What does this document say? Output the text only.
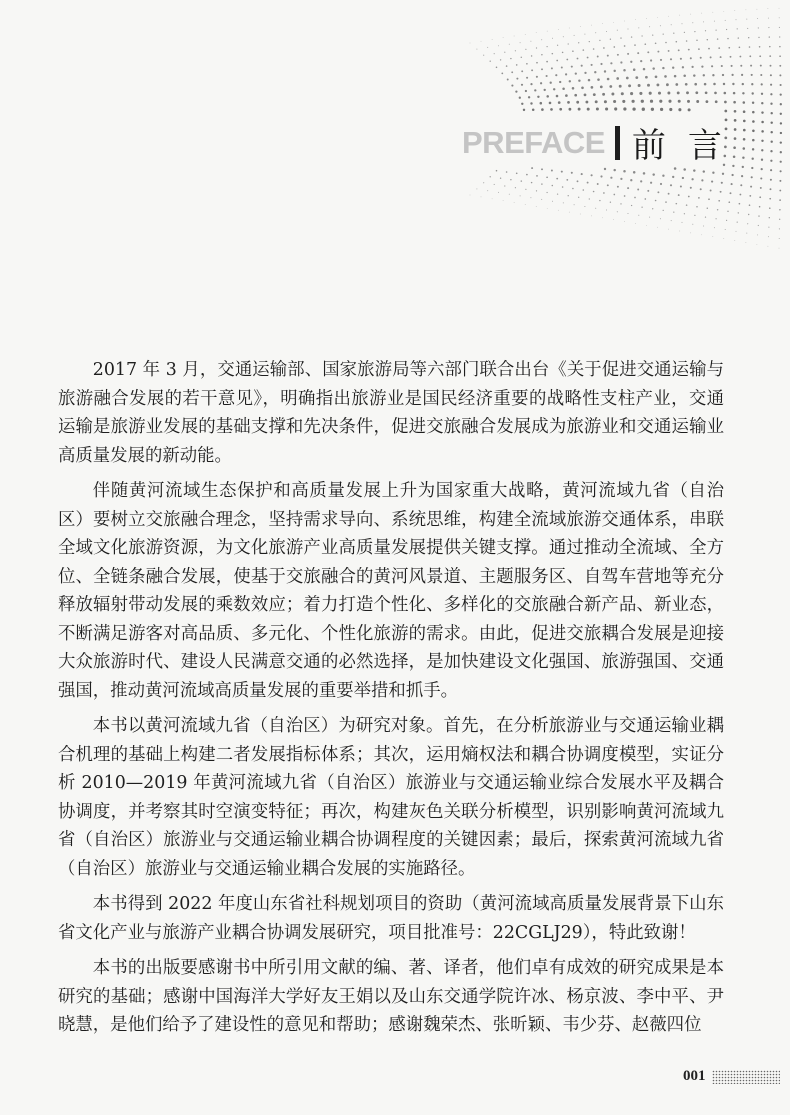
PREFACE 前言

2017 年 3 月，交通运输部、国家旅游局等六部门联合出台《关于促进交通运输与旅游融合发展的若干意见》，明确指出旅游业是国民经济重要的战略性支柱产业，交通运输是旅游业发展的基础支撑和先决条件，促进交旅融合发展成为旅游业和交通运输业高质量发展的新动能。

伴随黄河流域生态保护和高质量发展上升为国家重大战略，黄河流域九省（自治区）要树立交旅融合理念，坚持需求导向、系统思维，构建全流域旅游交通体系，串联全域文化旅游资源，为文化旅游产业高质量发展提供关键支撑。通过推动全流域、全方位、全链条融合发展，使基于交旅融合的黄河风景道、主题服务区、自驾车营地等充分释放辐射带动发展的乘数效应；着力打造个性化、多样化的交旅融合新产品、新业态，不断满足游客对高品质、多元化、个性化旅游的需求。由此，促进交旅耦合发展是迎接大众旅游时代、建设人民满意交通的必然选择，是加快建设文化强国、旅游强国、交通强国，推动黄河流域高质量发展的重要举措和抓手。

本书以黄河流域九省（自治区）为研究对象。首先，在分析旅游业与交通运输业耦合机理的基础上构建二者发展指标体系；其次，运用熵权法和耦合协调度模型，实证分析 2010—2019 年黄河流域九省（自治区）旅游业与交通运输业综合发展水平及耦合协调度，并考察其时空演变特征；再次，构建灰色关联分析模型，识别影响黄河流域九省（自治区）旅游业与交通运输业耦合协调程度的关键因素；最后，探索黄河流域九省（自治区）旅游业与交通运输业耦合发展的实施路径。

本书得到 2022 年度山东省社科规划项目的资助（黄河流域高质量发展背景下山东省文化产业与旅游产业耦合协调发展研究，项目批准号：22CGLJ29），特此致谢！

本书的出版要感谢书中所引用文献的编、著、译者，他们卓有成效的研究成果是本研究的基础；感谢中国海洋大学好友王娟以及山东交通学院许冰、杨京波、李中平、尹晓慧，是他们给予了建设性的意见和帮助；感谢魏荣杰、张昕颖、韦少芬、赵薇四位

001
